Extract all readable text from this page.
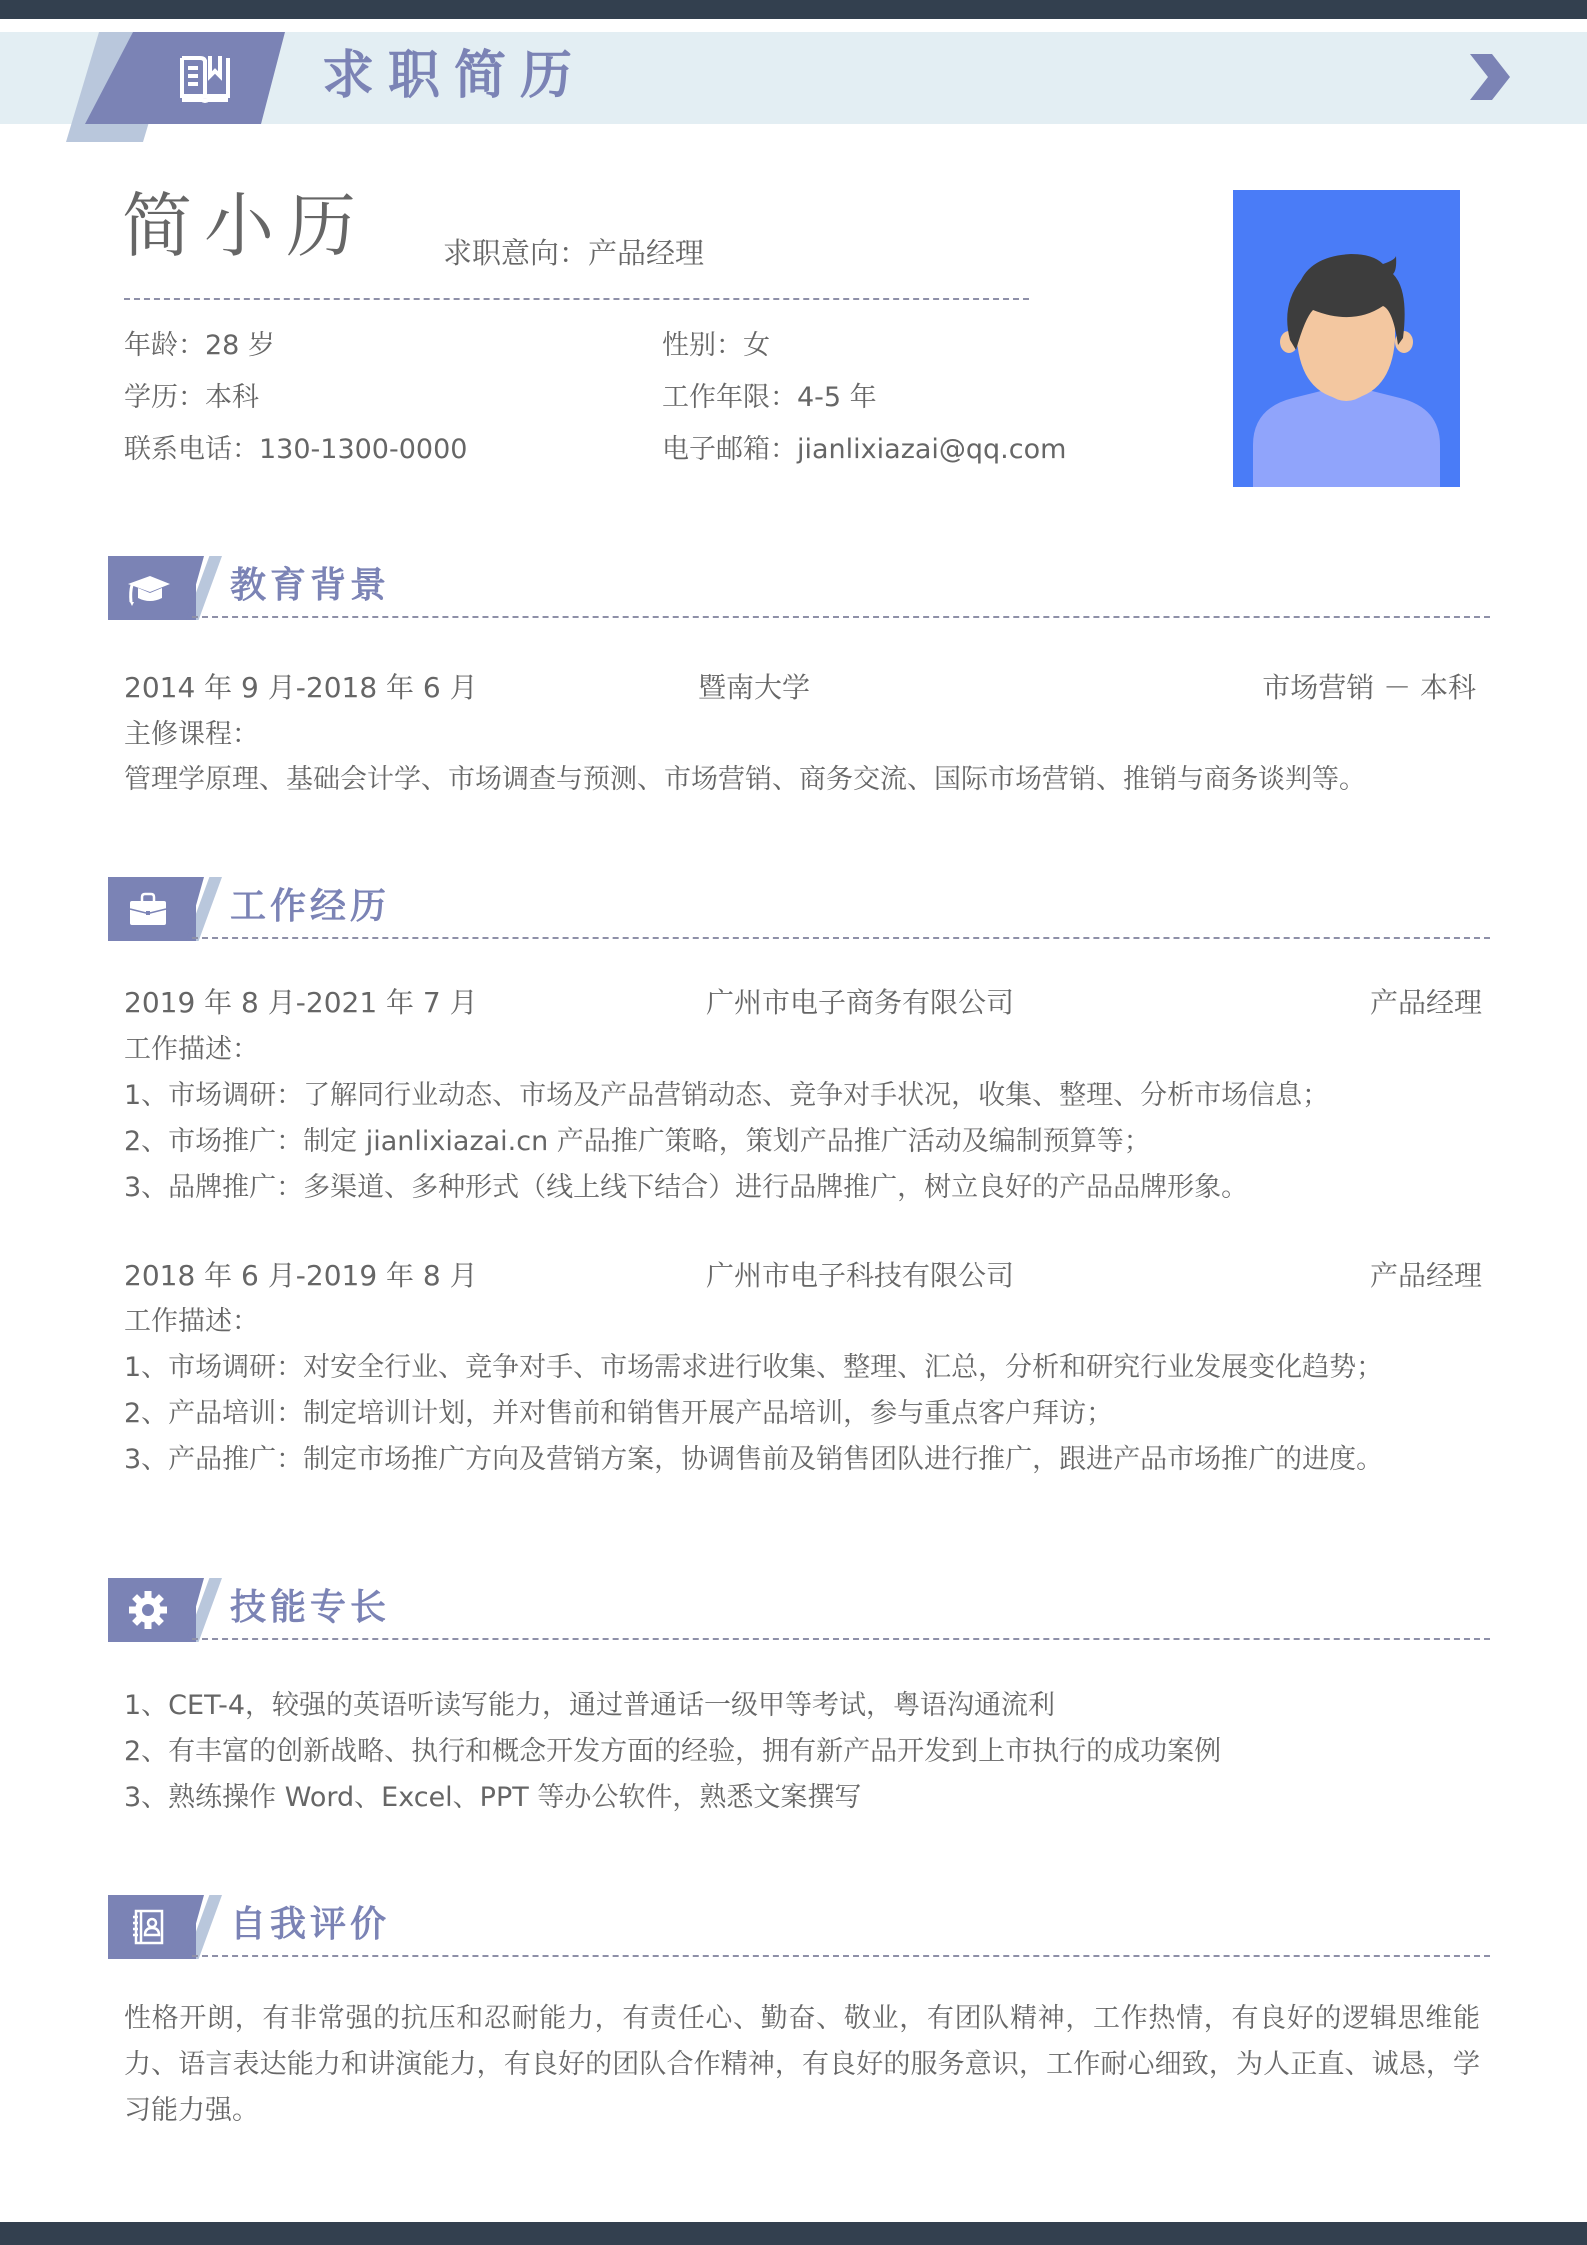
求职简历
简小历	求职意向：产品经理
年龄：28 岁	性别：女
学历：本科	工作年限：4-5 年
联系电话：130-1300-0000	电子邮箱：jianlixiazai@qq.com
教育背景
2014 年 9 月-2018 年 6 月	暨南大学	市场营销 － 本科
主修课程：
管理学原理、基础会计学、市场调查与预测、市场营销、商务交流、国际市场营销、推销与商务谈判等。
工作经历
2019 年 8 月-2021 年 7 月	广州市电子商务有限公司	产品经理
工作描述：
1、市场调研：了解同行业动态、市场及产品营销动态、竞争对手状况，收集、整理、分析市场信息；
2、市场推广：制定 jianlixiazai.cn 产品推广策略，策划产品推广活动及编制预算等；
3、品牌推广：多渠道、多种形式（线上线下结合）进行品牌推广，树立良好的产品品牌形象。
2018 年 6 月-2019 年 8 月	广州市电子科技有限公司	产品经理
工作描述：
1、市场调研：对安全行业、竞争对手、市场需求进行收集、整理、汇总，分析和研究行业发展变化趋势；
2、产品培训：制定培训计划，并对售前和销售开展产品培训，参与重点客户拜访；
3、产品推广：制定市场推广方向及营销方案，协调售前及销售团队进行推广，跟进产品市场推广的进度。
技能专长
1、CET-4，较强的英语听读写能力，通过普通话一级甲等考试，粤语沟通流利
2、有丰富的创新战略、执行和概念开发方面的经验，拥有新产品开发到上市执行的成功案例
3、熟练操作 Word、Excel、PPT 等办公软件，熟悉文案撰写
自我评价
性格开朗，有非常强的抗压和忍耐能力，有责任心、勤奋、敬业，有团队精神，工作热情，有良好的逻辑思维能力、语言表达能力和讲演能力，有良好的团队合作精神，有良好的服务意识，工作耐心细致，为人正直、诚恳，学习能力强。
